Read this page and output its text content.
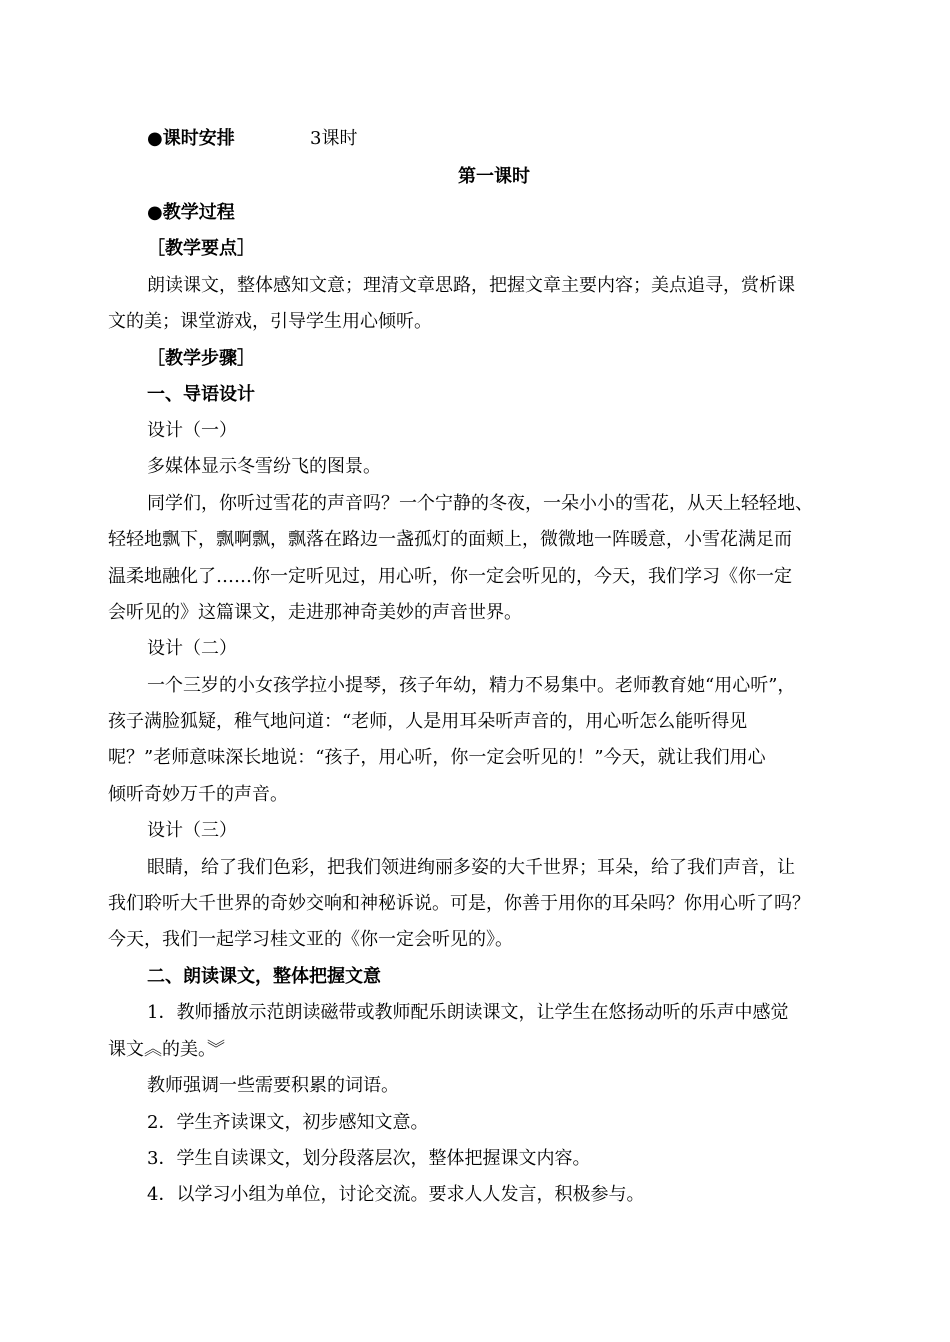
●课时安排	3课时
第一课时
●教学过程
［教学要点］
朗读课文，整体感知文意；理清文章思路，把握文章主要内容；美点追寻，赏析课
文的美；课堂游戏，引导学生用心倾听。
［教学步骤］
一、导语设计
设计（一）
多媒体显示冬雪纷飞的图景。
同学们，你听过雪花的声音吗？一个宁静的冬夜，一朵小小的雪花，从天上轻轻地、
轻轻地飘下，飘啊飘，飘落在路边一盏孤灯的面颊上，微微地一阵暖意，小雪花满足而
温柔地融化了……你一定听见过，用心听，你一定会听见的，今天，我们学习《你一定
会听见的》这篇课文，走进那神奇美妙的声音世界。
设计（二）
一个三岁的小女孩学拉小提琴，孩子年幼，精力不易集中。老师教育她“用心听”，
孩子满脸狐疑，稚气地问道：“老师，人是用耳朵听声音的，用心听怎么能听得见
呢？”老师意味深长地说：“孩子，用心听，你一定会听见的！”今天，就让我们用心
倾听奇妙万千的声音。
设计（三）
眼睛，给了我们色彩，把我们领进绚丽多姿的大千世界；耳朵，给了我们声音，让
我们聆听大千世界的奇妙交响和神秘诉说。可是，你善于用你的耳朵吗？你用心听了吗？
今天，我们一起学习桂文亚的《你一定会听见的》。
二、朗读课文，整体把握文意
1．教师播放示范朗读磁带或教师配乐朗读课文，让学生在悠扬动听的乐声中感觉
课文︽的美。︾
教师强调一些需要积累的词语。
2．学生齐读课文，初步感知文意。
3．学生自读课文，划分段落层次，整体把握课文内容。
4．以学习小组为单位，讨论交流。要求人人发言，积极参与。
